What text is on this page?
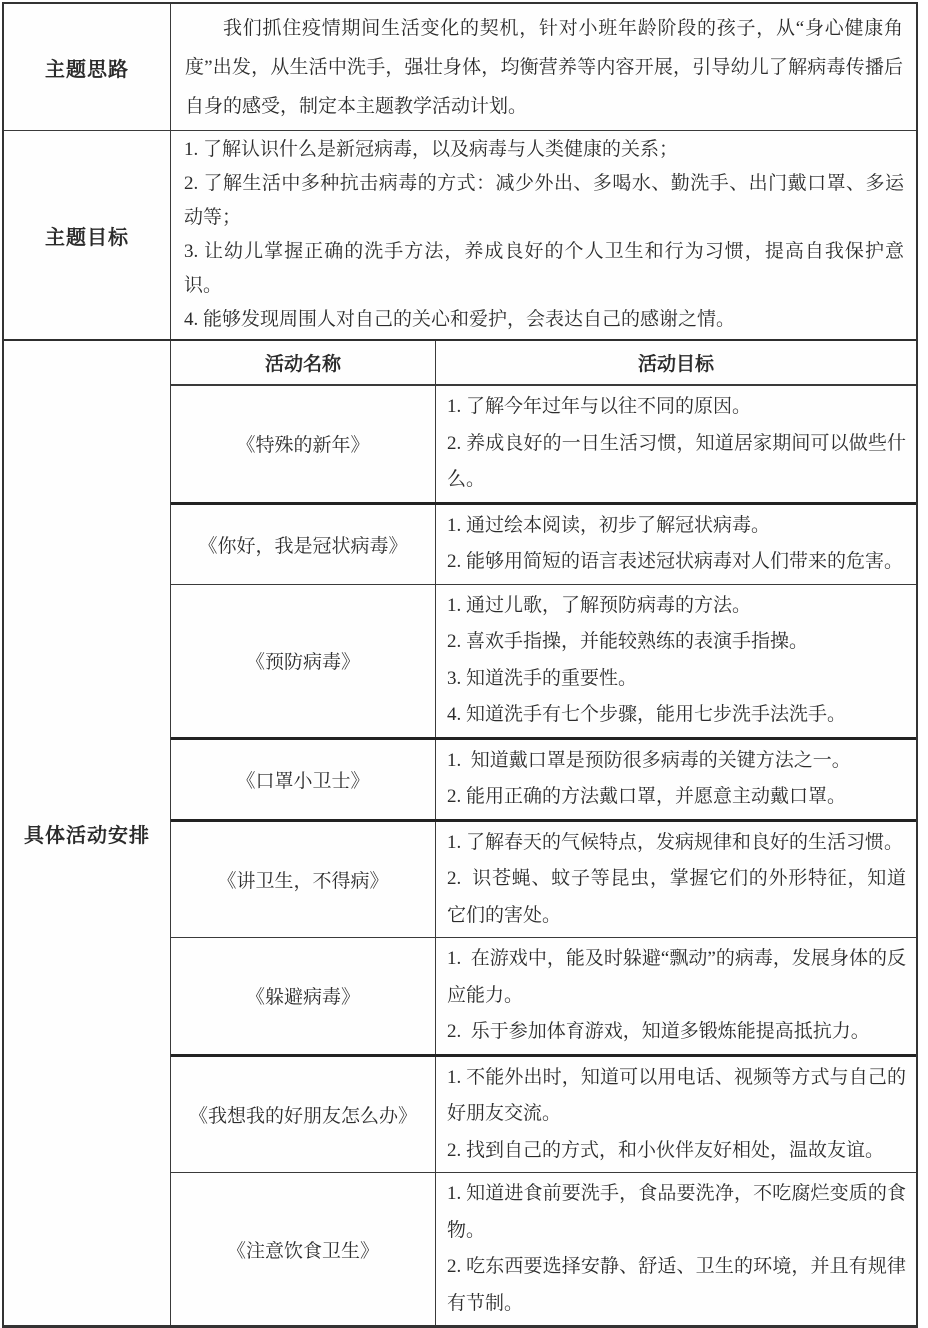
主题思路

我们抓住疫情期间生活变化的契机，针对小班年龄阶段的孩子，从“身心健康角度”出发，从生活中洗手，强壮身体，均衡营养等内容开展，引导幼儿了解病毒传播后自身的感受，制定本主题教学活动计划。

主题目标
1. 了解认识什么是新冠病毒，以及病毒与人类健康的关系；
2. 了解生活中多种抗击病毒的方式：减少外出、多喝水、勤洗手、出门戴口罩、多运动等；
3. 让幼儿掌握正确的洗手方法，养成良好的个人卫生和行为习惯，提高自我保护意识。
4. 能够发现周围人对自己的关心和爱护，会表达自己的感谢之情。
具体活动安排
活动名称	活动目标
《特殊的新年》
1. 了解今年过年与以往不同的原因。
2. 养成良好的一日生活习惯，知道居家期间可以做些什么。
《你好，我是冠状病毒》
1. 通过绘本阅读，初步了解冠状病毒。
2. 能够用简短的语言表述冠状病毒对人们带来的危害。
《预防病毒》
1. 通过儿歌，了解预防病毒的方法。
2. 喜欢手指操，并能较熟练的表演手指操。
3. 知道洗手的重要性。
4. 知道洗手有七个步骤，能用七步洗手法洗手。
《口罩小卫士》
1.  知道戴口罩是预防很多病毒的关键方法之一。
2. 能用正确的方法戴口罩，并愿意主动戴口罩。
《讲卫生，不得病》
1. 了解春天的气候特点，发病规律和良好的生活习惯。
2.  识苍蝇、蚊子等昆虫，掌握它们的外形特征，知道它们的害处。
《躲避病毒》
1.  在游戏中，能及时躲避“飘动”的病毒，发展身体的反应能力。
2.  乐于参加体育游戏，知道多锻炼能提高抵抗力。
《我想我的好朋友怎么办》
1. 不能外出时，知道可以用电话、视频等方式与自己的好朋友交流。
2. 找到自己的方式，和小伙伴友好相处，温故友谊。
《注意饮食卫生》
1. 知道进食前要洗手，食品要洗净，不吃腐烂变质的食物。
2. 吃东西要选择安静、舒适、卫生的环境，并且有规律有节制。
